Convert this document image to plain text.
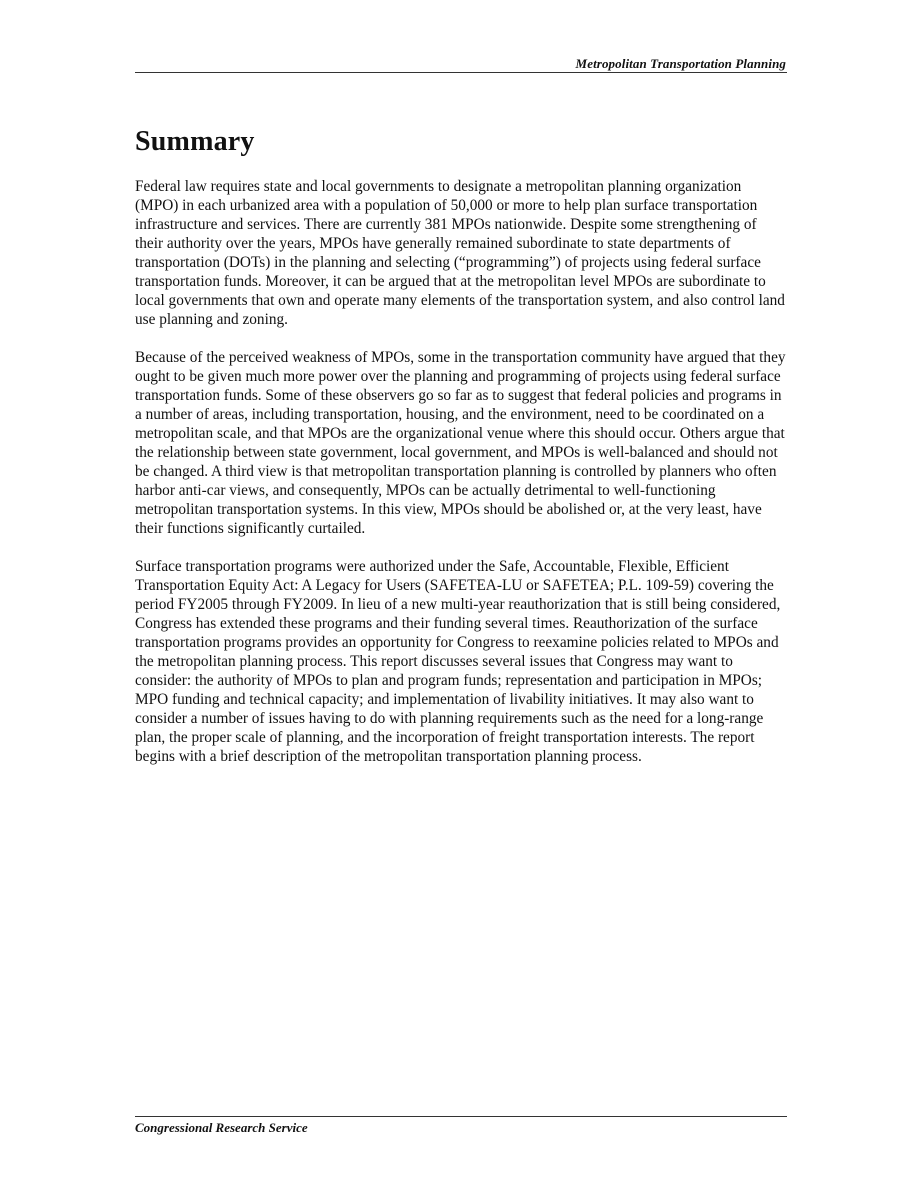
Metropolitan Transportation Planning
Summary

Federal law requires state and local governments to designate a metropolitan planning organization (MPO) in each urbanized area with a population of 50,000 or more to help plan surface transportation infrastructure and services. There are currently 381 MPOs nationwide. Despite some strengthening of their authority over the years, MPOs have generally remained subordinate to state departments of transportation (DOTs) in the planning and selecting (“programming”) of projects using federal surface transportation funds. Moreover, it can be argued that at the metropolitan level MPOs are subordinate to local governments that own and operate many elements of the transportation system, and also control land use planning and zoning.

Because of the perceived weakness of MPOs, some in the transportation community have argued that they ought to be given much more power over the planning and programming of projects using federal surface transportation funds. Some of these observers go so far as to suggest that federal policies and programs in a number of areas, including transportation, housing, and the environment, need to be coordinated on a metropolitan scale, and that MPOs are the organizational venue where this should occur. Others argue that the relationship between state government, local government, and MPOs is well-balanced and should not be changed. A third view is that metropolitan transportation planning is controlled by planners who often harbor anti-car views, and consequently, MPOs can be actually detrimental to well-functioning metropolitan transportation systems. In this view, MPOs should be abolished or, at the very least, have their functions significantly curtailed.

Surface transportation programs were authorized under the Safe, Accountable, Flexible, Efficient Transportation Equity Act: A Legacy for Users (SAFETEA-LU or SAFETEA; P.L. 109-59) covering the period FY2005 through FY2009. In lieu of a new multi-year reauthorization that is still being considered, Congress has extended these programs and their funding several times. Reauthorization of the surface transportation programs provides an opportunity for Congress to reexamine policies related to MPOs and the metropolitan planning process. This report discusses several issues that Congress may want to consider: the authority of MPOs to plan and program funds; representation and participation in MPOs; MPO funding and technical capacity; and implementation of livability initiatives. It may also want to consider a number of issues having to do with planning requirements such as the need for a long-range plan, the proper scale of planning, and the incorporation of freight transportation interests. The report begins with a brief description of the metropolitan transportation planning process.

Congressional Research Service
